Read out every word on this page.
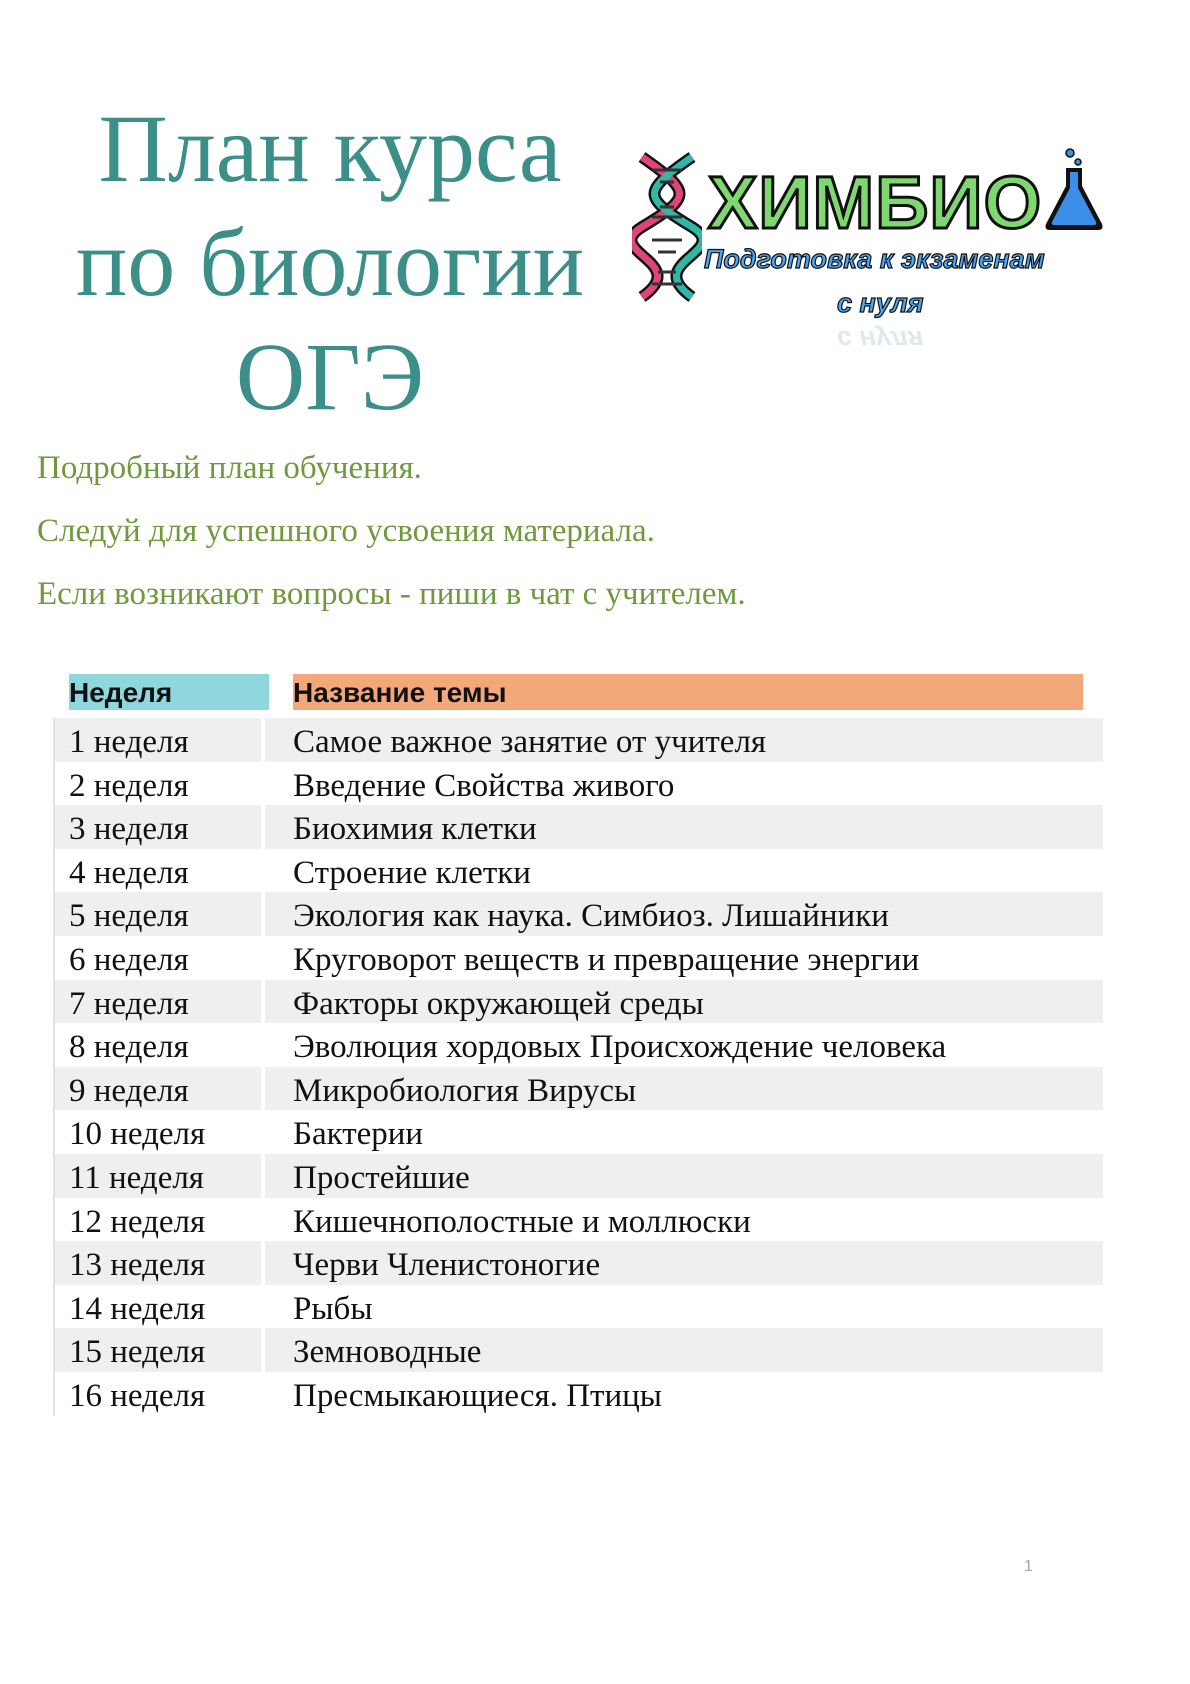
План курса
по биологии
ОГЭ
ХИМБИО
Подготовка к экзаменам
с нуля
с нуля
Подробный план обучения.
Следуй для успешного усвоения материала.
Если возникают вопросы - пиши в чат с учителем.
Неделя	Название темы
1 неделя	Самое важное занятие от учителя
2 неделя	Введение Свойства живого
3 неделя	Биохимия клетки
4 неделя	Строение клетки
5 неделя	Экология как наука. Симбиоз. Лишайники
6 неделя	Круговорот веществ и превращение энергии
7 неделя	Факторы окружающей среды
8 неделя	Эволюция хордовых Происхождение человека
9 неделя	Микробиология Вирусы
10 неделя	Бактерии
11 неделя	Простейшие
12 неделя	Кишечнополостные и моллюски
13 неделя	Черви Членистоногие
14 неделя	Рыбы
15 неделя	Земноводные
16 неделя	Пресмыкающиеся. Птицы
1
